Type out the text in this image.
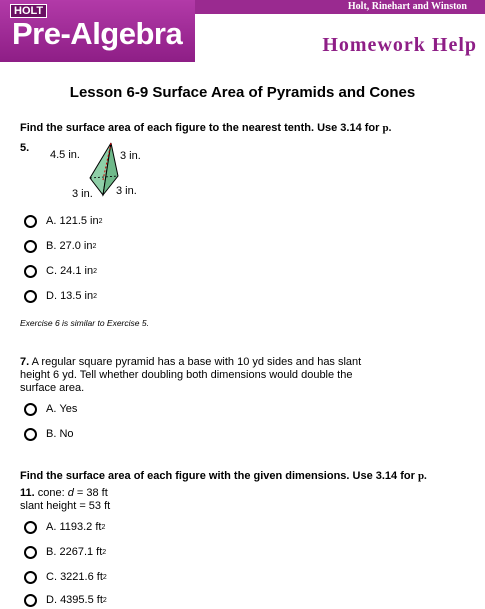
HOLT
Pre-Algebra
Holt, Rinehart and Winston
Homework Help
Lesson 6-9 Surface Area of Pyramids and Cones
Find the surface area of each figure to the nearest tenth. Use 3.14 for p.
5.
4.5 in.	3 in.
3 in. 3 in.
A.
121.5 in 2
B.
27.0 in 2
C.
24.1 in 2
D.
13.5 in 2
Exercise 6 is similar to Exercise 5.
7. A regular square pyramid has a base with 10 yd sides and has slant height 6 yd. Tell whether doubling both dimensions would double the surface area.
A.
Yes
B.
No
Find the surface area of each figure with the given dimensions. Use 3.14 for p.
11. cone: d = 38 ft
slant height = 53 ft
A.
1193.2 ft 2
B.
2267.1 ft 2
C.
3221.6 ft 2
D.
4395.5 ft 2
